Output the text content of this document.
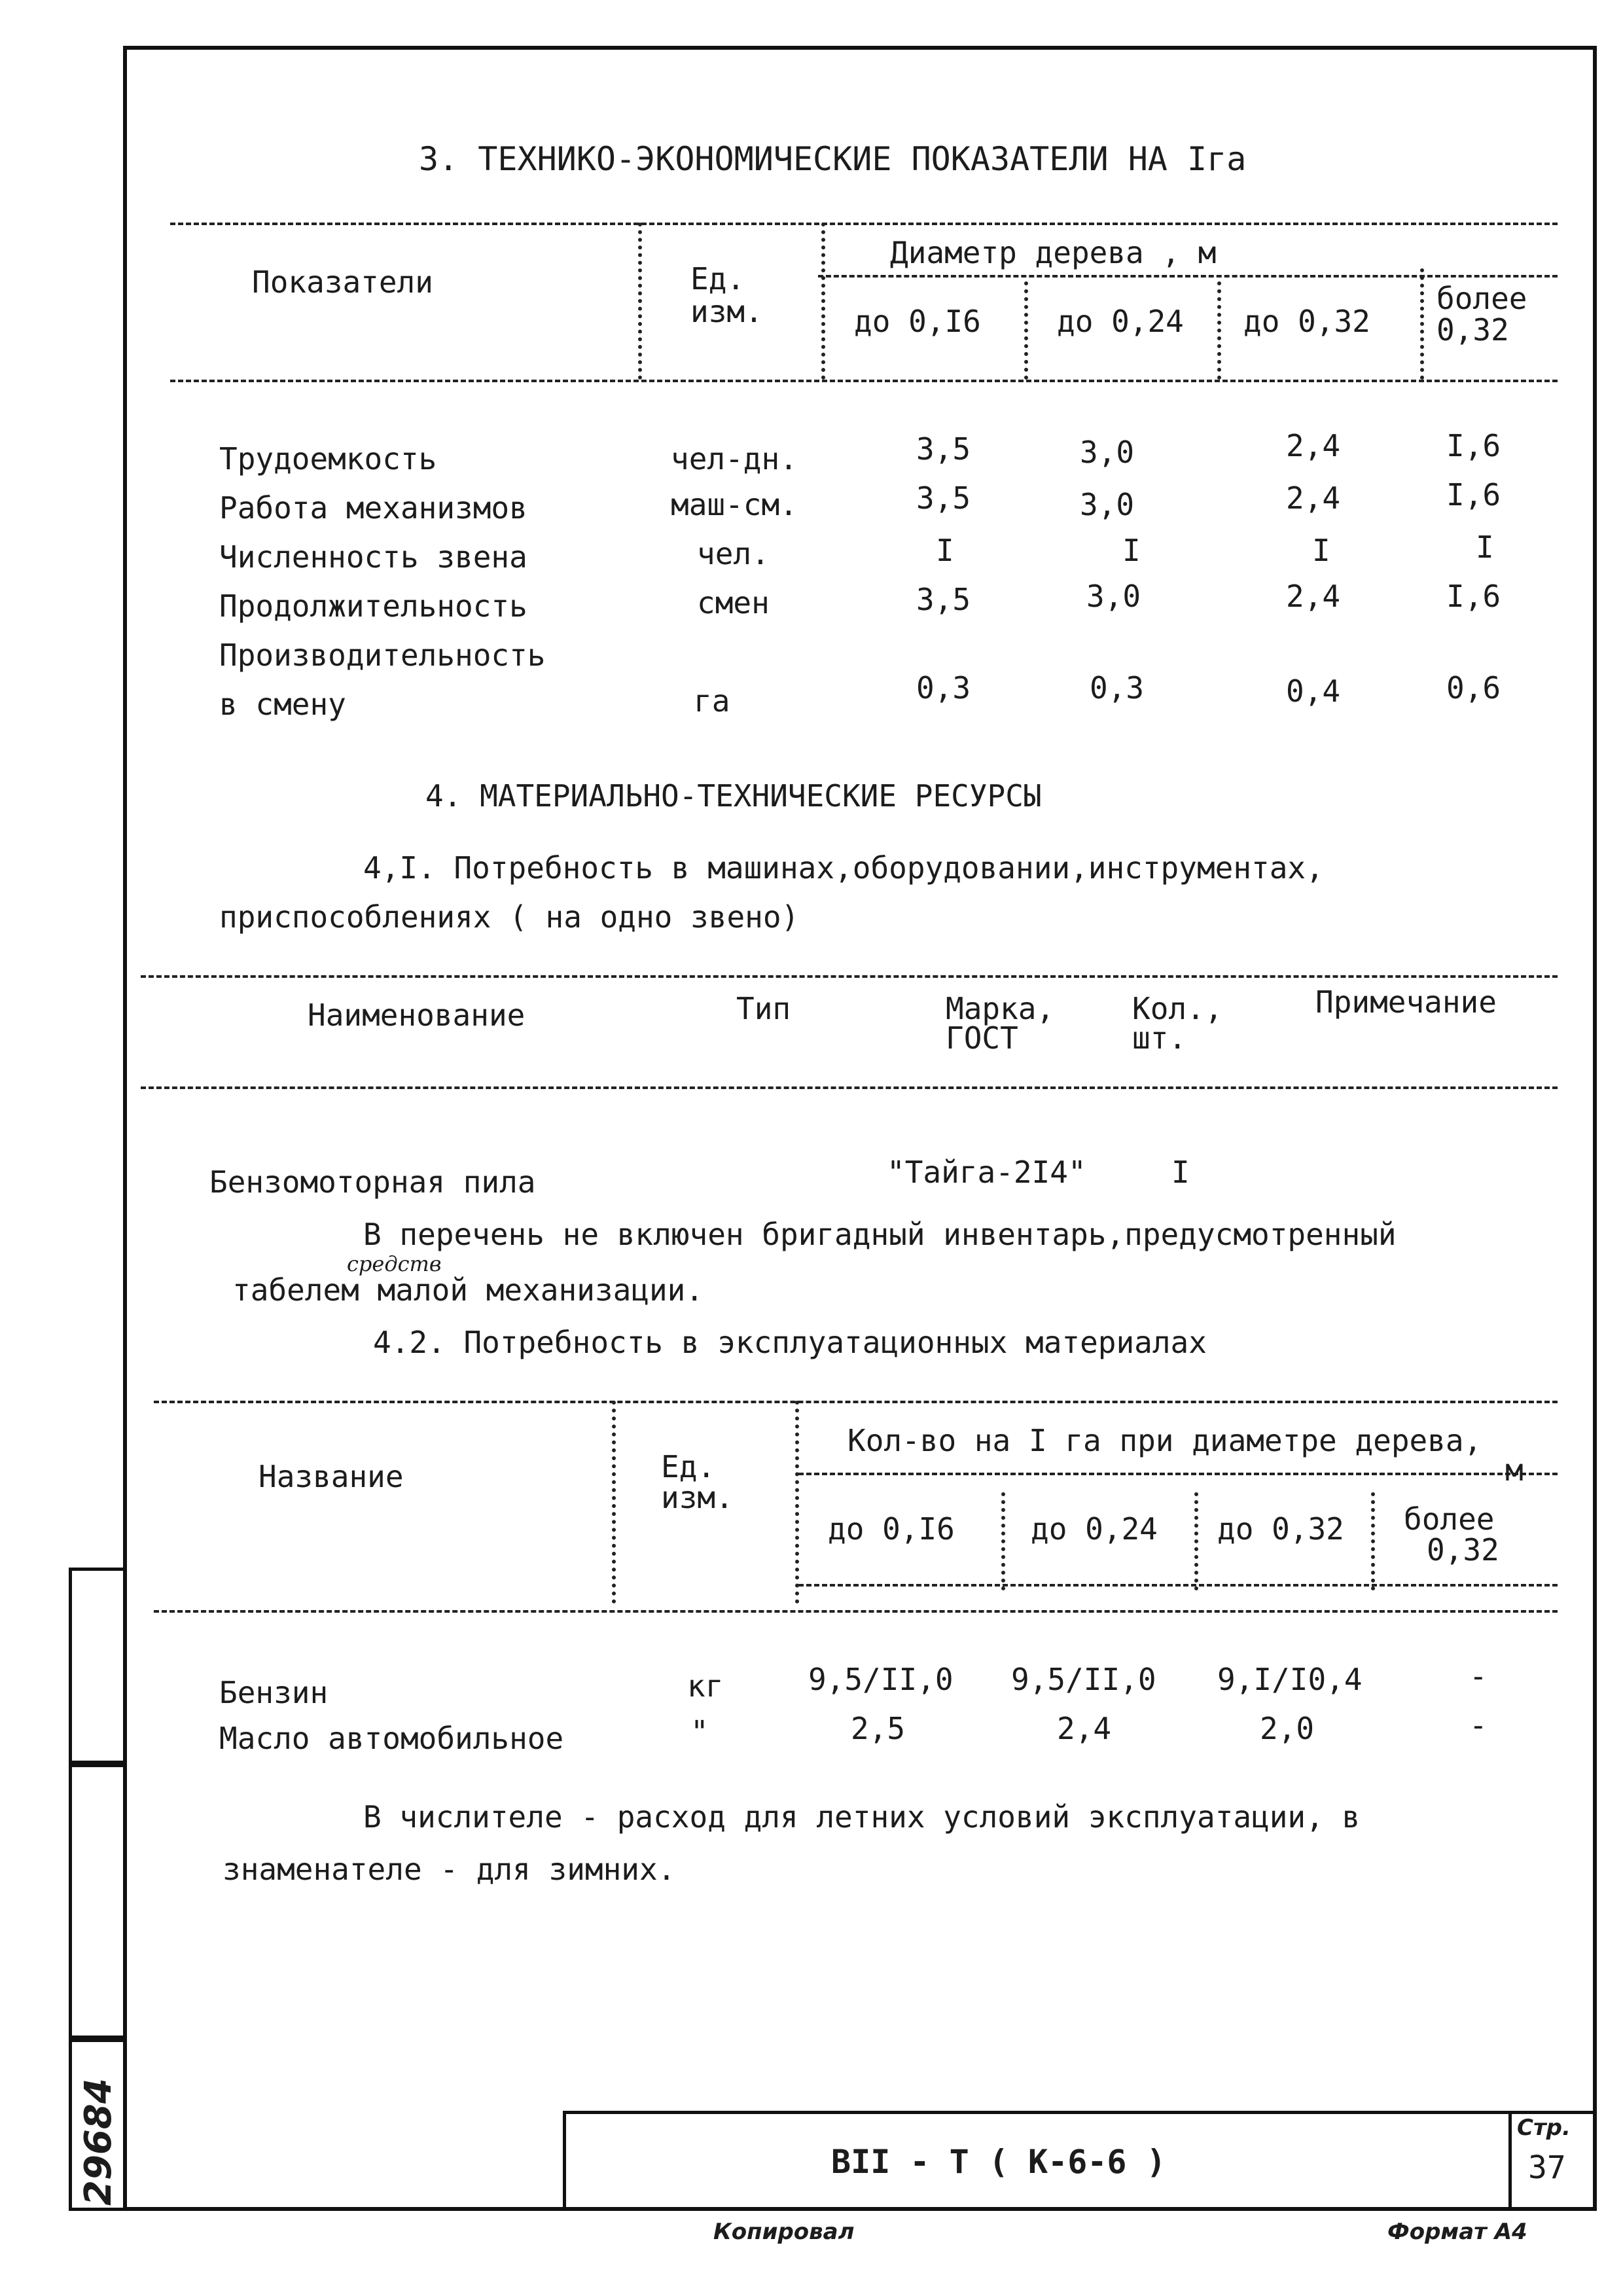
3. ТЕХНИКО-ЭКОНОМИЧЕСКИЕ ПОКАЗАТЕЛИ НА Iга
Показатели	Ед.
изм.
Диаметр дерева , м
до 0,I6	до 0,24 до 0,32
более
0,32
Трудоемкость	чел-дн.	3,5	3,0	2,4	I,6
Работа механизмов	маш-см.	3,5	3,0	2,4	I,6
Численность звена	чел.	I	I	I	I
Продолжительность	смен	3,5	3,0	2,4	I,6
Производительность
в смену	га	0,3	0,3	0,4	0,6
4. МАТЕРИАЛЬНО-ТЕХНИЧЕСКИЕ РЕСУРСЫ
4,I. Потребность в машинах,оборудовании,инструментах,
приспособлениях ( на одно звено)
Наименование	Тип	Марка,
ГОСТ
Кол.,
шт.
Примечание
Бензомоторная пила	"Тайга-2I4"	I
В перечень не включен бригадный инвентарь,предусмотренный
средств
табелем малой механизации.
4.2. Потребность в эксплуатационных материалах
Название	Ед.
изм.
Кол-во на I га при диаметре дерева,
м
до 0,I6	до 0,24 до 0,32 более
0,32
Бензин	кг	9,5/II,0 9,5/II,0 9,I/I0,4	-
Масло автомобильное	"	2,5	2,4	2,0	-
В числителе - расход для летних условий эксплуатации, в
знаменателе - для зимних.
ВII - Т ( К-6-6 )
Стр.
37
29684
Копировал	Формат А4
